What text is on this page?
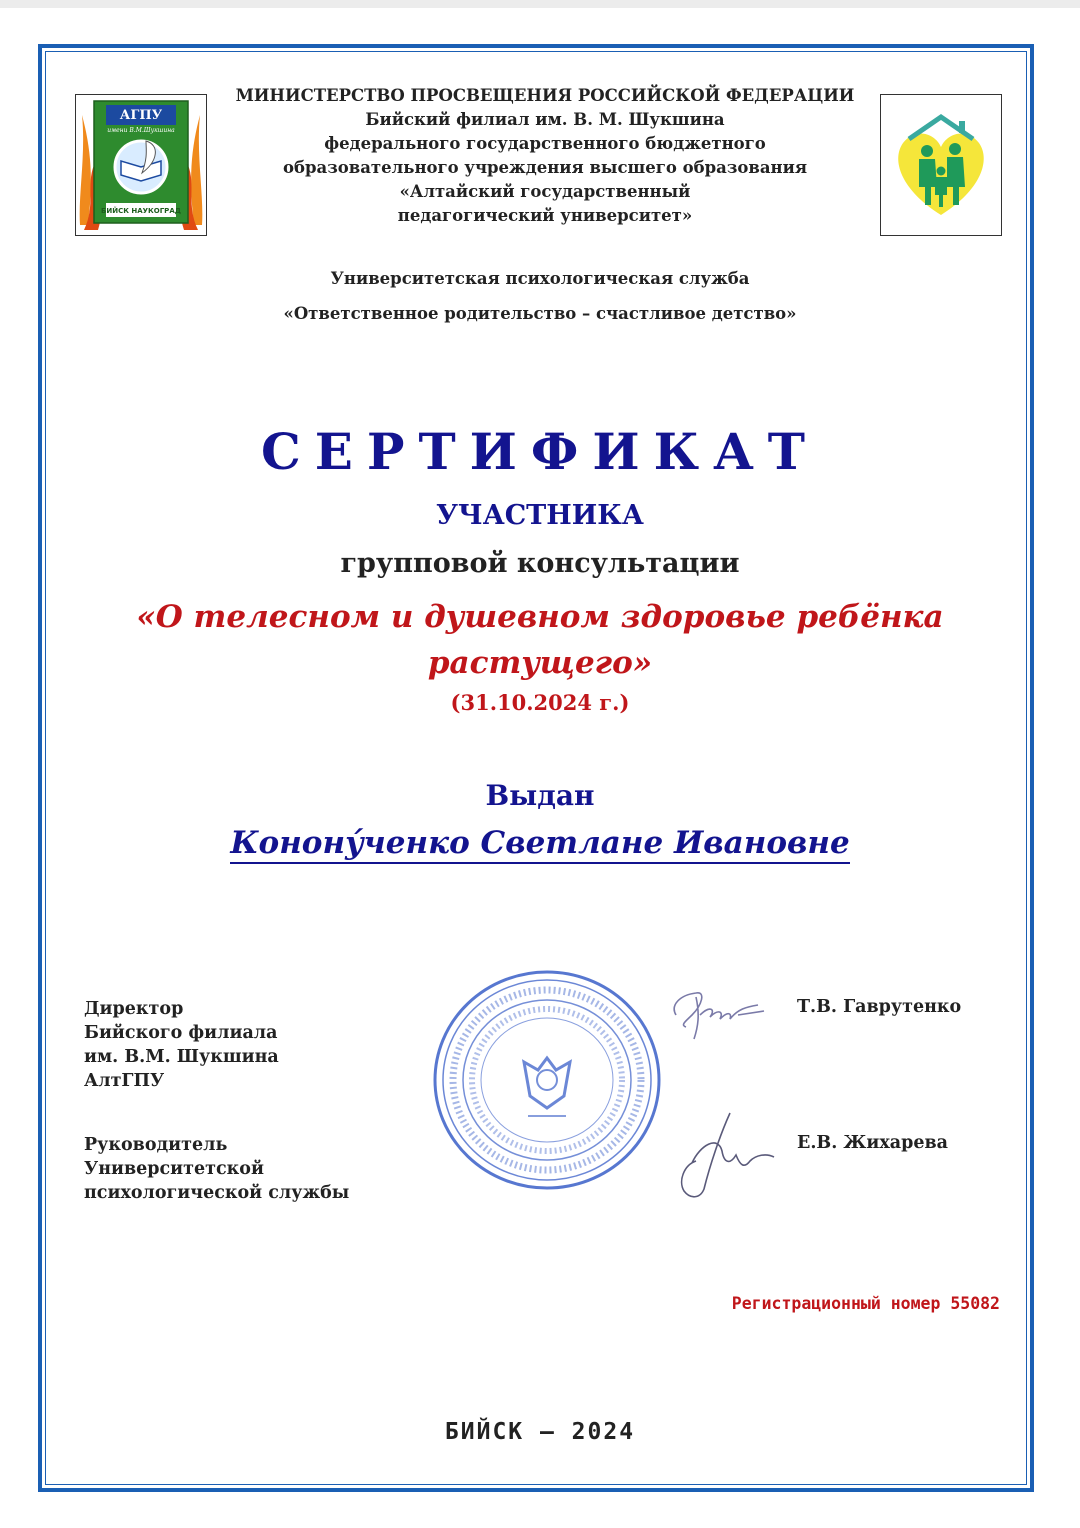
АГПУ
имени В.М.Шукшина
БИЙСК НАУКОГРАД
МИНИСТЕРСТВО ПРОСВЕЩЕНИЯ РОССИЙСКОЙ ФЕДЕРАЦИИ
Бийский филиал им. В. М. Шукшина
федерального государственного бюджетного
образовательного учреждения высшего образования
«Алтайский государственный
педагогический университет»
Университетская психологическая служба
«Ответственное родительство – счастливое детство»
СЕРТИФИКАТ
УЧАСТНИКА
групповой консультации
«О телесном и душевном здоровье ребёнка
растущего»
(31.10.2024 г.)
Выдан
Конону́ченко Светлане Ивановне
Директор
Бийского филиала
им. В.М. Шукшина
АлтГПУ
Руководитель
Университетской
психологической службы
Т.В. Гаврутенко
Е.В. Жихарева
Регистрационный номер 55082
БИЙСК – 2024
